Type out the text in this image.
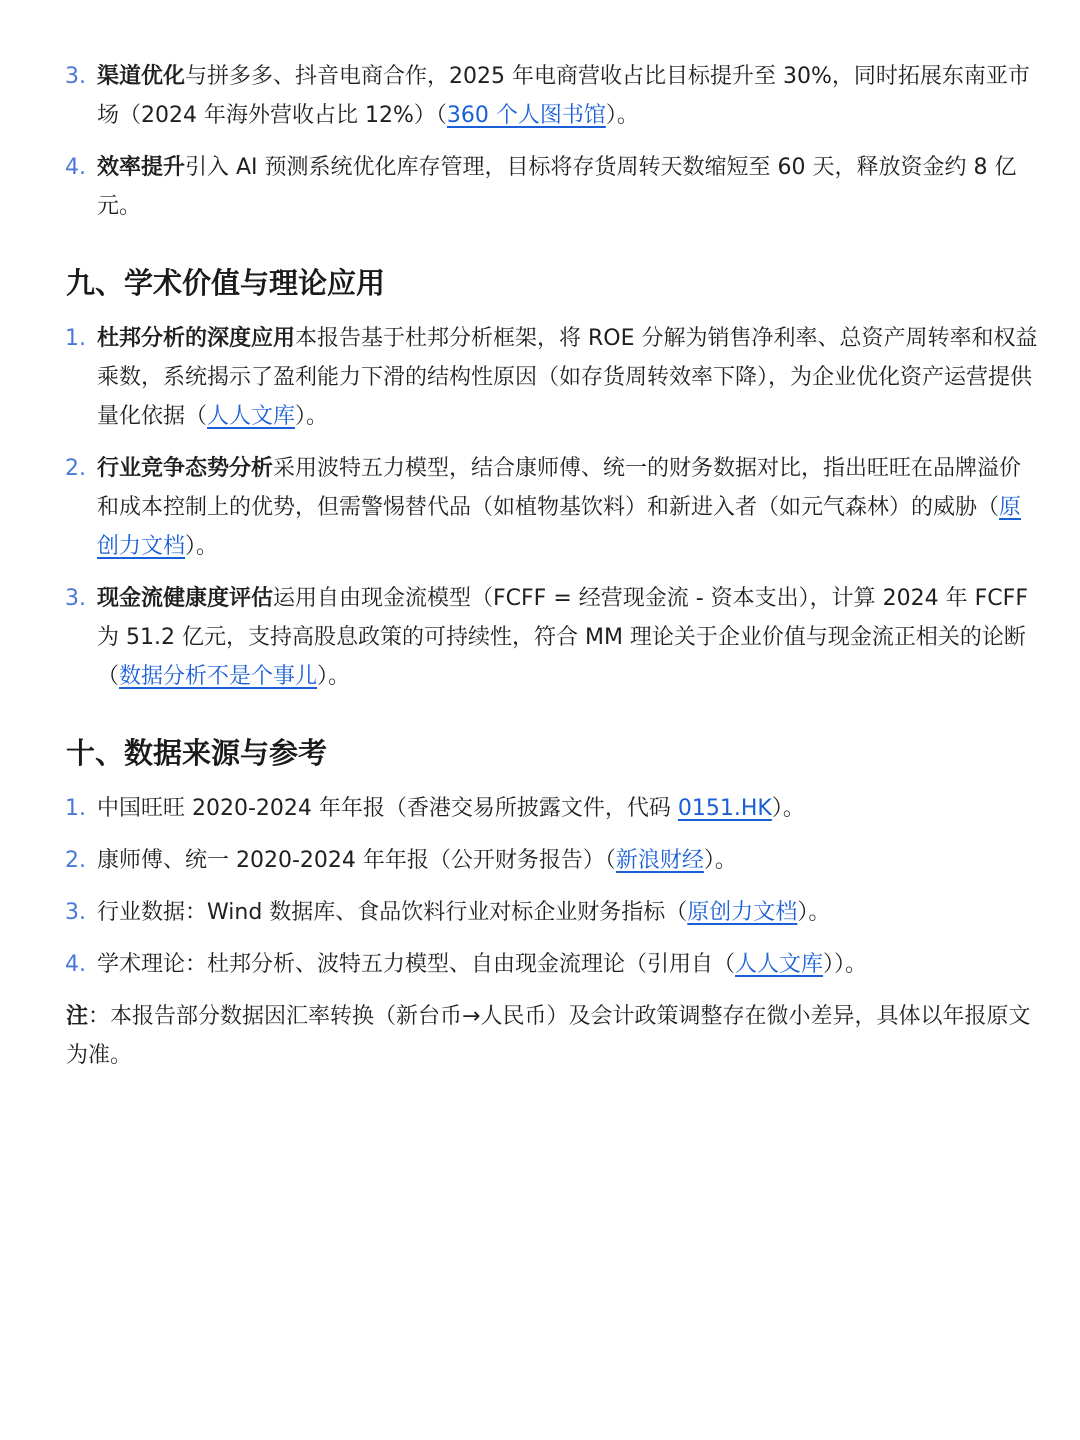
3. 渠道优化与拼多多、抖音电商合作，2025 年电商营收占比目标提升至 30%，同时拓展东南亚市场（2024 年海外营收占比 12%）（360 个人图书馆）。
4. 效率提升引入 AI 预测系统优化库存管理，目标将存货周转天数缩短至 60 天，释放资金约 8 亿元。
九、学术价值与理论应用
1. 杜邦分析的深度应用本报告基于杜邦分析框架，将 ROE 分解为销售净利率、总资产周转率和权益乘数，系统揭示了盈利能力下滑的结构性原因（如存货周转效率下降），为企业优化资产运营提供量化依据（人人文库）。
2. 行业竞争态势分析采用波特五力模型，结合康师傅、统一的财务数据对比，指出旺旺在品牌溢价和成本控制上的优势，但需警惕替代品（如植物基饮料）和新进入者（如元气森林）的威胁（原创力文档）。
3. 现金流健康度评估运用自由现金流模型（FCFF = 经营现金流 - 资本支出），计算 2024 年 FCFF 为 51.2 亿元，支持高股息政策的可持续性，符合 MM 理论关于企业价值与现金流正相关的论断（数据分析不是个事儿）。
十、数据来源与参考
1. 中国旺旺 2020-2024 年年报（香港交易所披露文件，代码 0151.HK）。
2. 康师傅、统一 2020-2024 年年报（公开财务报告）（新浪财经）。
3. 行业数据：Wind 数据库、食品饮料行业对标企业财务指标（原创力文档）。
4. 学术理论：杜邦分析、波特五力模型、自由现金流理论（引用自（人人文库））。

注：本报告部分数据因汇率转换（新台币→人民币）及会计政策调整存在微小差异，具体以年报原文为准。
